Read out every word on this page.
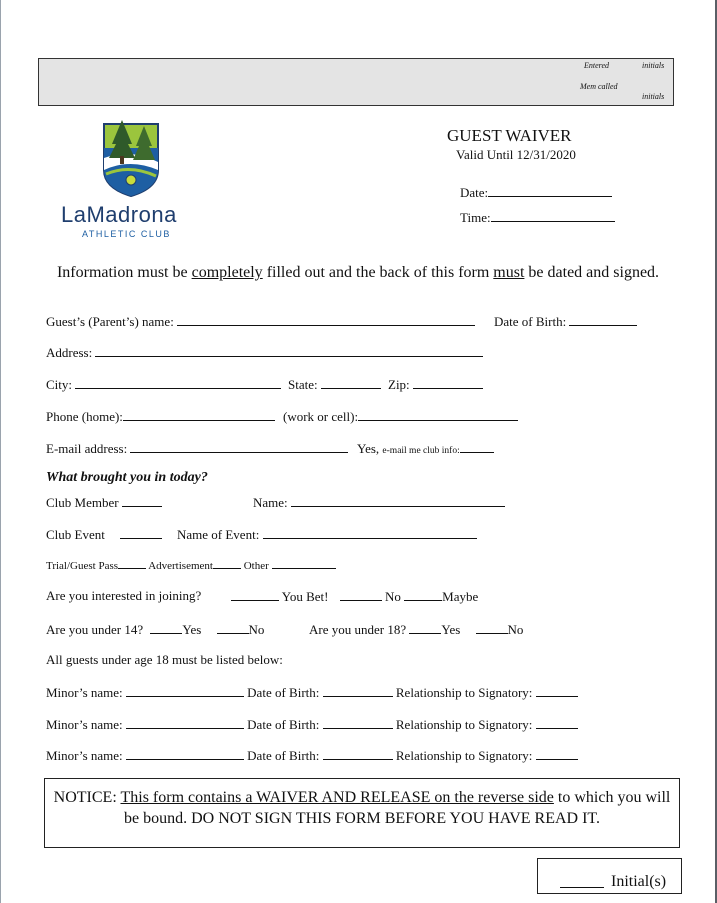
Entered	initials
Mem called
initials
LaMadrona
ATHLETIC CLUB
GUEST WAIVER
Valid Until 12/31/2020
Date:
Time:
Information must be completely filled out and the back of this form must be dated and signed.
Guest’s (Parent’s) name:	Date of Birth:
Address:
City:	State:	Zip:
Phone (home):	(work or cell):
E-mail address:	Yes, e-mail me club info:
What brought you in today?
Club Member	Name:
Club Event	Name of Event:
Trial/Guest Pass	Advertisement	Other
Are you interested in joining?	You Bet!	No	Maybe
Are you under 14?	Yes	No	Are you under 18?	Yes	No
All guests under age 18 must be listed below:
Minor’s name:	Date of Birth:	Relationship to Signatory:
Minor’s name:	Date of Birth:	Relationship to Signatory:
Minor’s name:	Date of Birth:	Relationship to Signatory:
NOTICE: This form contains a WAIVER AND RELEASE on the reverse side to which you will be bound. DO NOT SIGN THIS FORM BEFORE YOU HAVE READ IT.
Initial(s)
